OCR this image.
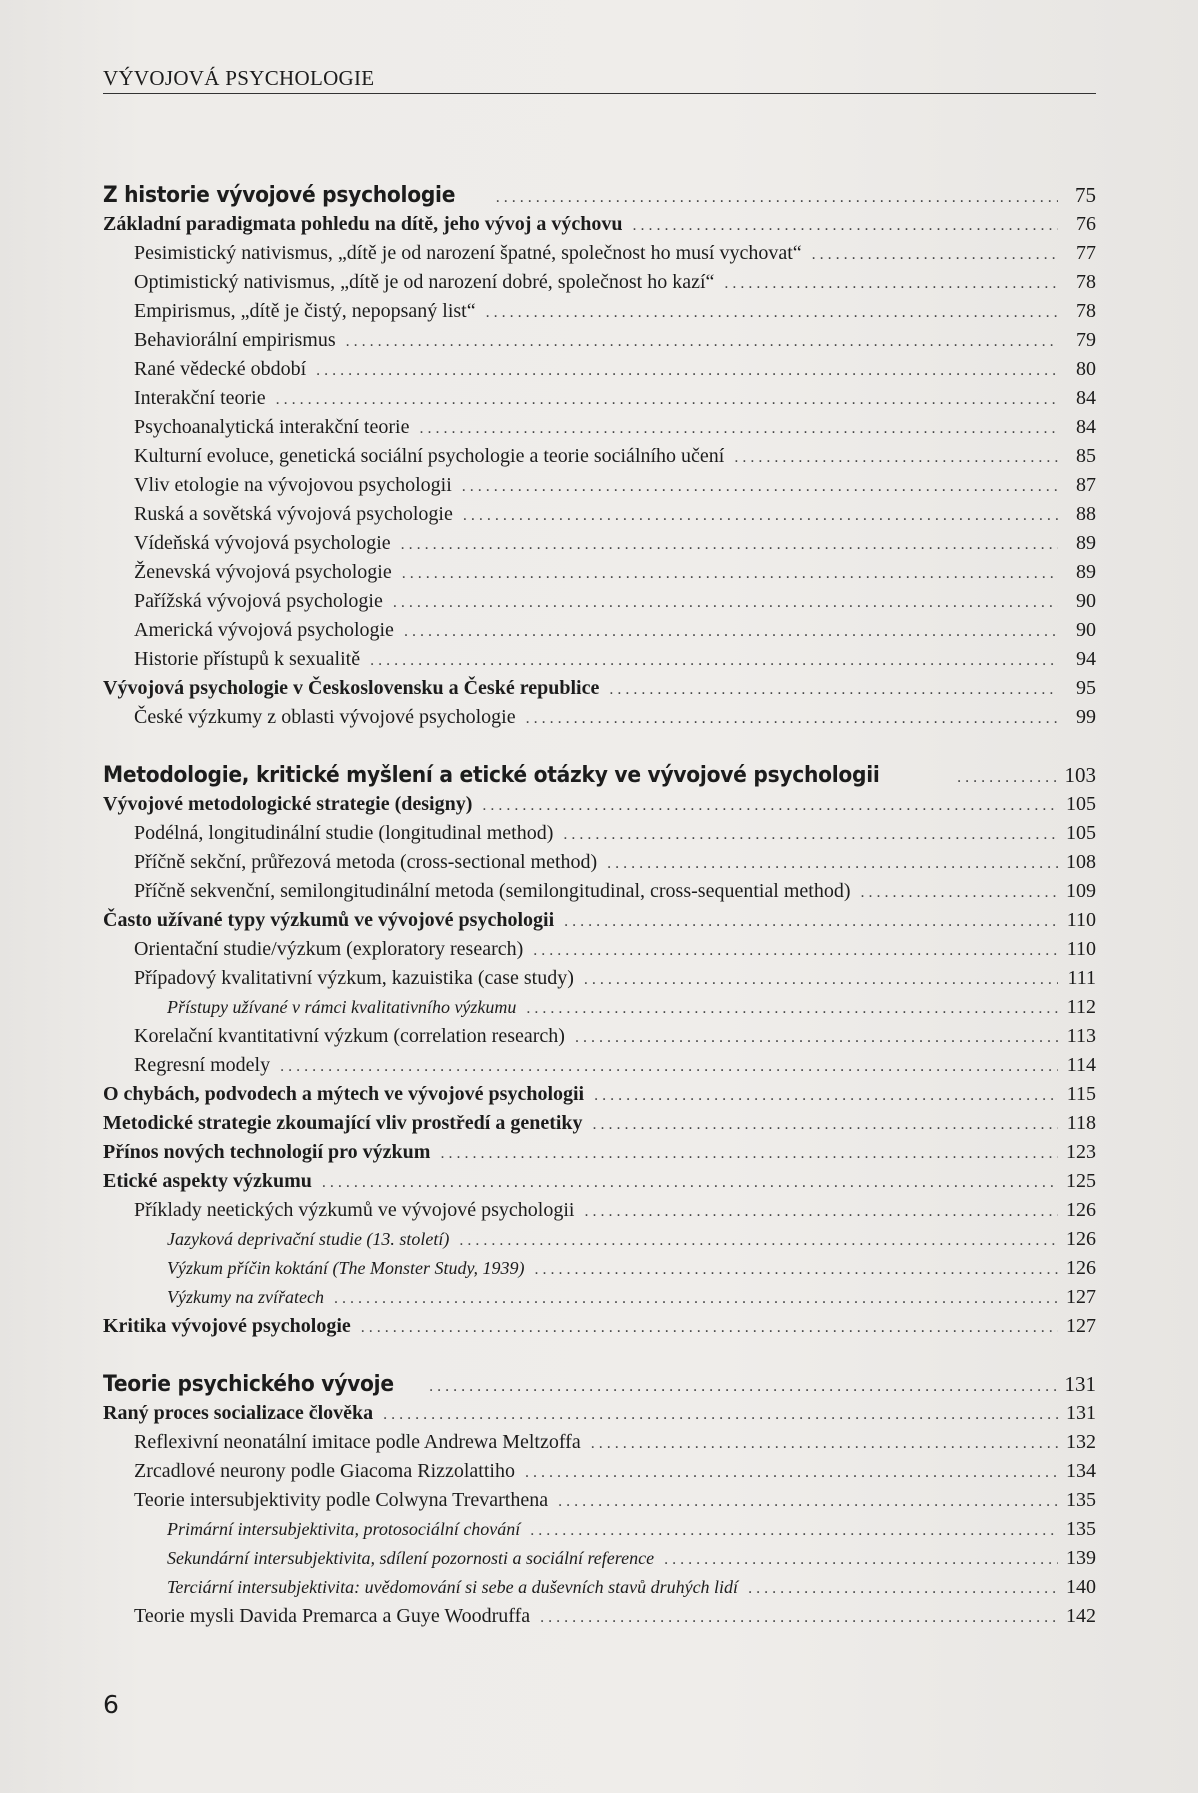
VÝVOJOVÁ PSYCHOLOGIE
Z historie vývojové psychologie . . .	75
Základní paradigmata pohledu na dítě, jeho vývoj a výchovu . . .	76
Pesimistický nativismus, „dítě je od narození špatné, společnost ho musí vychovat“ . . .	77
Optimistický nativismus, „dítě je od narození dobré, společnost ho kazí“ . . .	78
Empirismus, „dítě je čistý, nepopsaný list“ . . .	78
Behaviorální empirismus . . .	79
Rané vědecké období . . .	80
Interakční teorie . . .	84
Psychoanalytická interakční teorie . . .	84
Kulturní evoluce, genetická sociální psychologie a teorie sociálního učení . . .	85
Vliv etologie na vývojovou psychologii . . .	87
Ruská a sovětská vývojová psychologie . . .	88
Vídeňská vývojová psychologie . . .	89
Ženevská vývojová psychologie . . .	89
Pařížská vývojová psychologie . . .	90
Americká vývojová psychologie . . .	90
Historie přístupů k sexualitě . . .	94
Vývojová psychologie v Československu a České republice . . .	95
České výzkumy z oblasti vývojové psychologie . . .	99
Metodologie, kritické myšlení a etické otázky ve vývojové psychologii . . .	103
Vývojové metodologické strategie (designy) . . .	105
Podélná, longitudinální studie (longitudinal method) . . .	105
Příčně sekční, průřezová metoda (cross-sectional method) . . .	108
Příčně sekvenční, semilongitudinální metoda (semilongitudinal, cross-sequential method) . . .	109
Často užívané typy výzkumů ve vývojové psychologii . . .	110
Orientační studie/výzkum (exploratory research) . . .	110
Případový kvalitativní výzkum, kazuistika (case study) . . .	111
Přístupy užívané v rámci kvalitativního výzkumu . . .	112
Korelační kvantitativní výzkum (correlation research) . . .	113
Regresní modely . . .	114
O chybách, podvodech a mýtech ve vývojové psychologii . . .	115
Metodické strategie zkoumající vliv prostředí a genetiky . . .	118
Přínos nových technologií pro výzkum . . .	123
Etické aspekty výzkumu . . .	125
Příklady neetických výzkumů ve vývojové psychologii . . .	126
Jazyková deprivační studie (13. století) . . .	126
Výzkum příčin koktání (The Monster Study, 1939) . . .	126
Výzkumy na zvířatech . . .	127
Kritika vývojové psychologie . . .	127
Teorie psychického vývoje . . .	131
Raný proces socializace člověka . . .	131
Reflexivní neonatální imitace podle Andrewa Meltzoffa . . .	132
Zrcadlové neurony podle Giacoma Rizzolattiho . . .	134
Teorie intersubjektivity podle Colwyna Trevarthena . . .	135
Primární intersubjektivita, protosociální chování . . .	135
Sekundární intersubjektivita, sdílení pozornosti a sociální reference . . .	139
Terciární intersubjektivita: uvědomování si sebe a duševních stavů druhých lidí . . .	140
Teorie mysli Davida Premarca a Guye Woodruffa . . .	142
6
